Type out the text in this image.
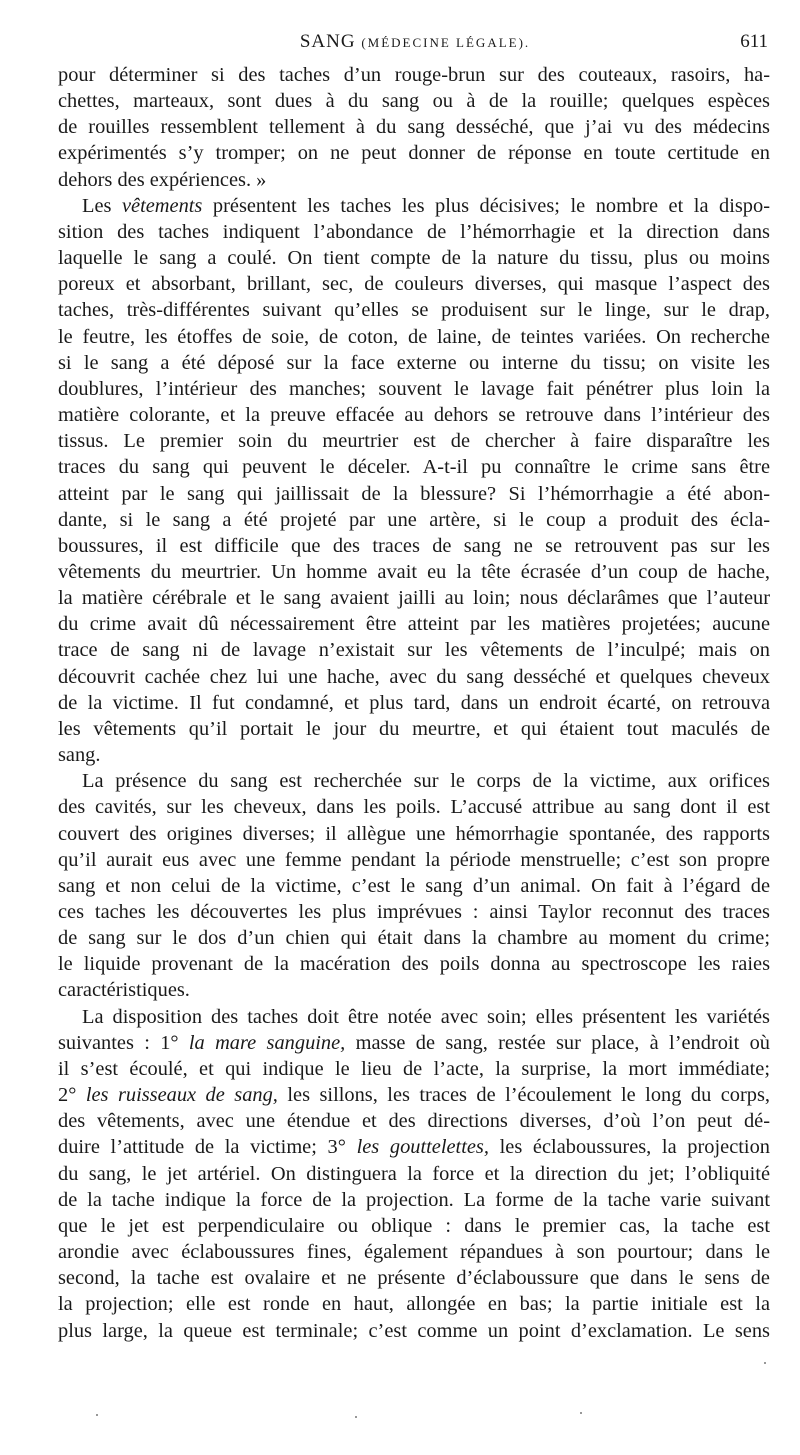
SANG (MÉDECINE LÉGALE).	611
pour déterminer si des taches d’un rouge-brun sur des couteaux, rasoirs, ha-
chettes, marteaux, sont dues à du sang ou à de la rouille; quelques espèces
de rouilles ressemblent tellement à du sang desséché, que j’ai vu des médecins
expérimentés s’y tromper; on ne peut donner de réponse en toute certitude en
dehors des expériences. »
Les vêtements présentent les taches les plus décisives; le nombre et la dispo-
sition des taches indiquent l’abondance de l’hémorrhagie et la direction dans
laquelle le sang a coulé. On tient compte de la nature du tissu, plus ou moins
poreux et absorbant, brillant, sec, de couleurs diverses, qui masque l’aspect des
taches, très-différentes suivant qu’elles se produisent sur le linge, sur le drap,
le feutre, les étoffes de soie, de coton, de laine, de teintes variées. On recherche
si le sang a été déposé sur la face externe ou interne du tissu; on visite les
doublures, l’intérieur des manches; souvent le lavage fait pénétrer plus loin la
matière colorante, et la preuve effacée au dehors se retrouve dans l’intérieur des
tissus. Le premier soin du meurtrier est de chercher à faire disparaître les
traces du sang qui peuvent le déceler. A-t-il pu connaître le crime sans être
atteint par le sang qui jaillissait de la blessure? Si l’hémorrhagie a été abon-
dante, si le sang a été projeté par une artère, si le coup a produit des écla-
boussures, il est difficile que des traces de sang ne se retrouvent pas sur les
vêtements du meurtrier. Un homme avait eu la tête écrasée d’un coup de hache,
la matière cérébrale et le sang avaient jailli au loin; nous déclarâmes que l’auteur
du crime avait dû nécessairement être atteint par les matières projetées; aucune
trace de sang ni de lavage n’existait sur les vêtements de l’inculpé; mais on
découvrit cachée chez lui une hache, avec du sang desséché et quelques cheveux
de la victime. Il fut condamné, et plus tard, dans un endroit écarté, on retrouva
les vêtements qu’il portait le jour du meurtre, et qui étaient tout maculés de
sang.
La présence du sang est recherchée sur le corps de la victime, aux orifices
des cavités, sur les cheveux, dans les poils. L’accusé attribue au sang dont il est
couvert des origines diverses; il allègue une hémorrhagie spontanée, des rapports
qu’il aurait eus avec une femme pendant la période menstruelle; c’est son propre
sang et non celui de la victime, c’est le sang d’un animal. On fait à l’égard de
ces taches les découvertes les plus imprévues : ainsi Taylor reconnut des traces
de sang sur le dos d’un chien qui était dans la chambre au moment du crime;
le liquide provenant de la macération des poils donna au spectroscope les raies
caractéristiques.
La disposition des taches doit être notée avec soin; elles présentent les variétés
suivantes : 1° la mare sanguine, masse de sang, restée sur place, à l’endroit où
il s’est écoulé, et qui indique le lieu de l’acte, la surprise, la mort immédiate;
2° les ruisseaux de sang, les sillons, les traces de l’écoulement le long du corps,
des vêtements, avec une étendue et des directions diverses, d’où l’on peut dé-
duire l’attitude de la victime; 3° les gouttelettes, les éclaboussures, la projection
du sang, le jet artériel. On distinguera la force et la direction du jet; l’obliquité
de la tache indique la force de la projection. La forme de la tache varie suivant
que le jet est perpendiculaire ou oblique : dans le premier cas, la tache est
arondie avec éclaboussures fines, également répandues à son pourtour; dans le
second, la tache est ovalaire et ne présente d’éclaboussure que dans le sens de
la projection; elle est ronde en haut, allongée en bas; la partie initiale est la
plus large, la queue est terminale; c’est comme un point d’exclamation. Le sens
